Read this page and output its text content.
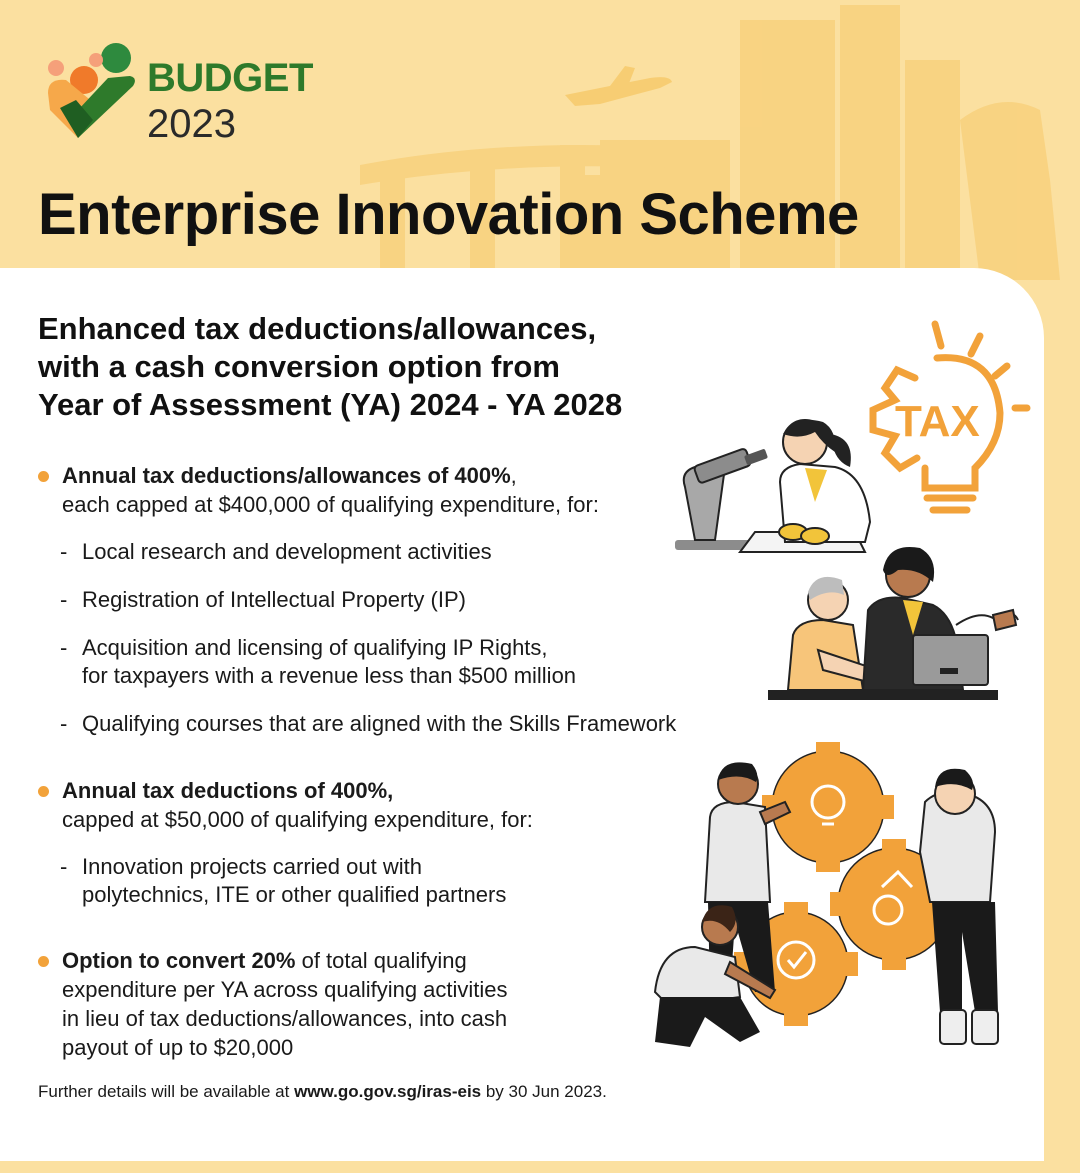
BUDGET
2023
Enterprise Innovation Scheme
Enhanced tax deductions/allowances,
with a cash conversion option from
Year of Assessment (YA) 2024 - YA 2028
Annual tax deductions/allowances of 400%,
each capped at $400,000 of qualifying expenditure, for:
- Local research and development activities
- Registration of Intellectual Property (IP)
- Acquisition and licensing of qualifying IP Rights,
for taxpayers with a revenue less than $500 million
- Qualifying courses that are aligned with the Skills Framework
Annual tax deductions of 400%,
capped at $50,000 of qualifying expenditure, for:
- Innovation projects carried out with
polytechnics, ITE or other qualified partners
Option to convert 20% of total qualifying
expenditure per YA across qualifying activities
in lieu of tax deductions/allowances, into cash
payout of up to $20,000
Further details will be available at www.go.gov.sg/iras-eis by 30 Jun 2023.
TAX
